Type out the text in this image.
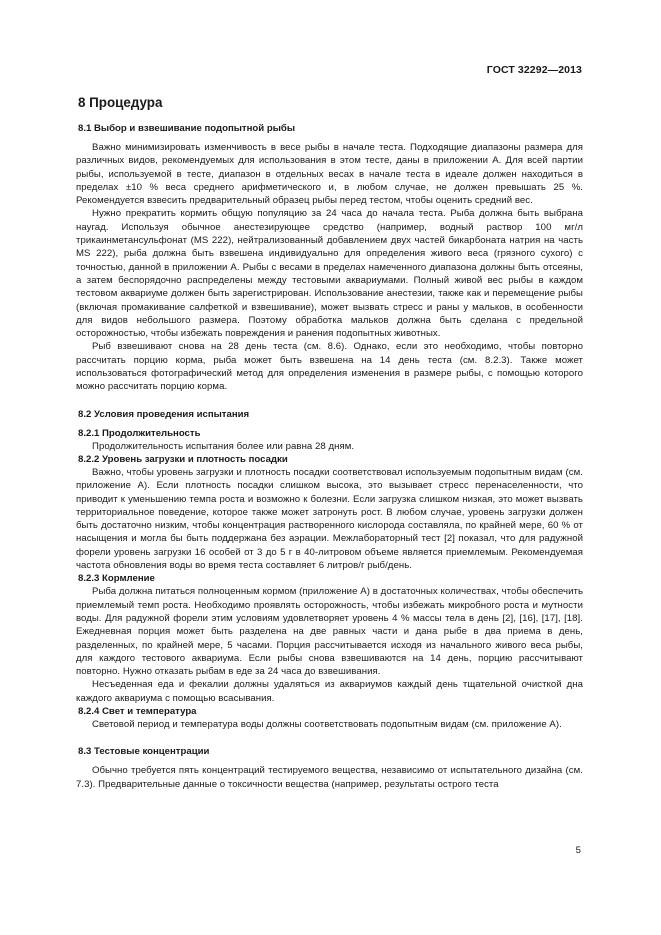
ГОСТ 32292—2013
8 Процедура
8.1 Выбор и взвешивание подопытной рыбы

Важно минимизировать изменчивость в весе рыбы в начале теста. Подходящие диапазоны размера для различных видов, рекомендуемых для использования в этом тесте, даны в приложении А. Для всей партии рыбы, используемой в тесте, диапазон в отдельных весах в начале теста в идеале должен находиться в пределах ±10 % веса среднего арифметического и, в любом случае, не должен превышать 25 %. Рекомендуется взвесить предварительный образец рыбы перед тестом, чтобы оценить средний вес.

Нужно прекратить кормить общую популяцию за 24 часа до начала теста. Рыба должна быть выбрана наугад. Используя обычное анестезирующее средство (например, водный раствор 100 мг/л трикаинметансульфонат (MS 222), нейтрализованный добавлением двух частей бикарбоната натрия на часть MS 222), рыба должна быть взвешена индивидуально для определения живого веса (грязного сухого) с точностью, данной в приложении А. Рыбы с весами в пределах намеченного диапазона должны быть отсеяны, а затем беспорядочно распределены между тестовыми аквариумами. Полный живой вес рыбы в каждом тестовом аквариуме должен быть зарегистрирован. Использование анестезии, также как и перемещение рыбы (включая промакивание салфеткой и взвешивание), может вызвать стресс и раны у мальков, в особенности для видов небольшого размера. Поэтому обработка мальков должна быть сделана с предельной осторожностью, чтобы избежать повреждения и ранения подопытных животных.

Рыб взвешивают снова на 28 день теста (см. 8.6). Однако, если это необходимо, чтобы повторно рассчитать порцию корма, рыба может быть взвешена на 14 день теста (см. 8.2.3). Также может использоваться фотографический метод для определения изменения в размере рыбы, с помощью которого можно рассчитать порцию корма.

8.2 Условия проведения испытания
8.2.1 Продолжительность

Продолжительность испытания более или равна 28 дням.

8.2.2 Уровень загрузки и плотность посадки

Важно, чтобы уровень загрузки и плотность посадки соответствовал используемым подопытным видам (см. приложение А). Если плотность посадки слишком высока, это вызывает стресс перенаселенности, что приводит к уменьшению темпа роста и возможно к болезни. Если загрузка слишком низкая, это может вызвать территориальное поведение, которое также может затронуть рост. В любом случае, уровень загрузки должен быть достаточно низким, чтобы концентрация растворенного кислорода составляла, по крайней мере, 60 % от насыщения и могла бы быть поддержана без аэрации. Межлабораторный тест [2] показал, что для радужной форели уровень загрузки 16 особей от 3 до 5 г в 40-литровом объеме является приемлемым. Рекомендуемая частота обновления воды во время теста составляет 6 литров/г рыб/день.

8.2.3 Кормление

Рыба должна питаться полноценным кормом (приложение А) в достаточных количествах, чтобы обеспечить приемлемый темп роста. Необходимо проявлять осторожность, чтобы избежать микробного роста и мутности воды. Для радужной форели этим условиям удовлетворяет уровень 4 % массы тела в день [2], [16], [17], [18]. Ежедневная порция может быть разделена на две равных части и дана рыбе в два приема в день, разделенных, по крайней мере, 5 часами. Порция рассчитывается исходя из начального живого веса рыбы, для каждого тестового аквариума. Если рыбы снова взвешиваются на 14 день, порцию рассчитывают повторно. Нужно отказать рыбам в еде за 24 часа до взвешивания.

Несъеденная еда и фекалии должны удаляться из аквариумов каждый день тщательной очисткой дна каждого аквариума с помощью всасывания.

8.2.4 Свет и температура

Световой период и температура воды должны соответствовать подопытным видам (см. приложение А).

8.3 Тестовые концентрации

Обычно требуется пять концентраций тестируемого вещества, независимо от испытательного дизайна (см. 7.3). Предварительные данные о токсичности вещества (например, результаты острого теста

5
